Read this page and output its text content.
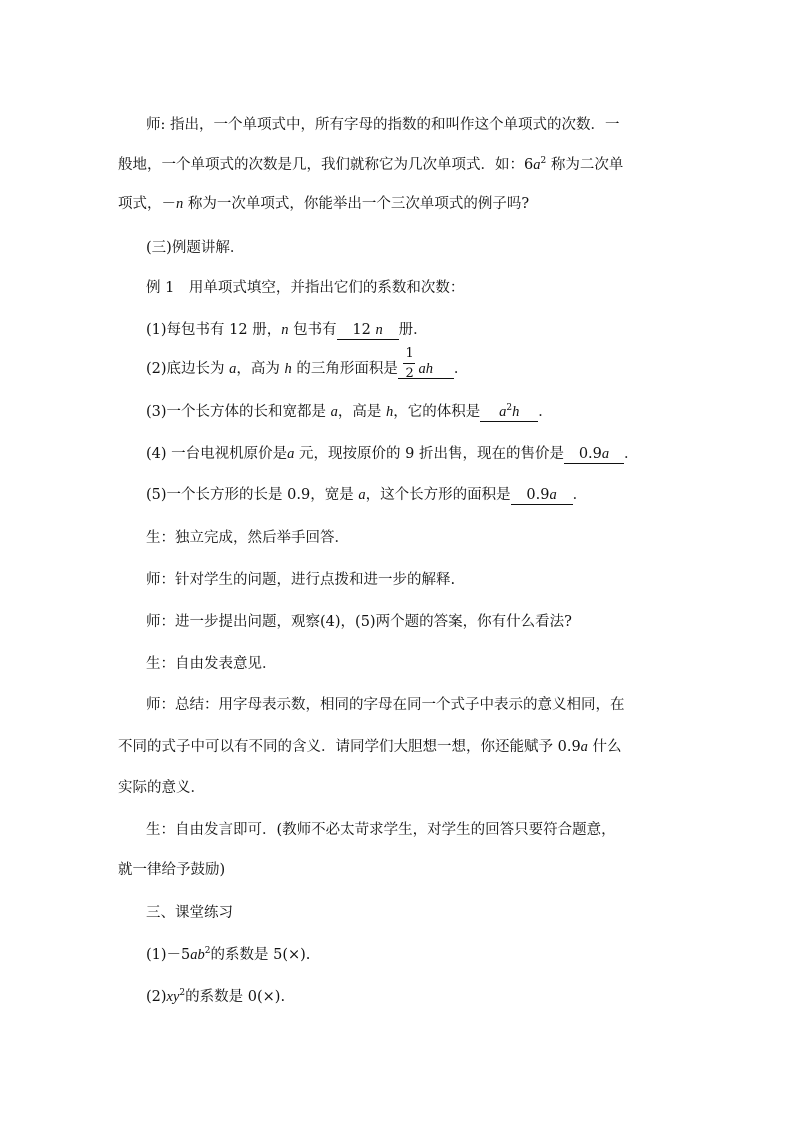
师: 指出，一个单项式中，所有字母的指数的和叫作这个单项式的次数．一
般地，一个单项式的次数是几，我们就称它为几次单项式．如：$6a^2$ 称为二次单
项式，－n 称为一次单项式，你能举出一个三次单项式的例子吗?
(三)例题讲解．
例 1　用单项式填空，并指出它们的系数和次数：
(1)每包书有 12 册，n 包书有 12 n 册．
(2)底边长为 a，高为 h 的三角形面积是 $\frac{1}{2}$ ah ．
(3)一个长方体的长和宽都是 a，高是 h，它的体积是 $a^2h$ ．
(4) 一台电视机原价是a 元，现按原价的 9 折出售，现在的售价是 0.9a ．
(5)一个长方形的长是 0.9，宽是 a，这个长方形的面积是 0.9a ．
生：独立完成，然后举手回答．
师：针对学生的问题，进行点拨和进一步的解释.
师：进一步提出问题，观察(4)，(5)两个题的答案，你有什么看法?
生：自由发表意见．
师：总结：用字母表示数，相同的字母在同一个式子中表示的意义相同，在
不同的式子中可以有不同的含义．请同学们大胆想一想，你还能赋予 0.9a 什么
实际的意义．
生：自由发言即可．(教师不必太苛求学生，对学生的回答只要符合题意，
就一律给予鼓励)
三、课堂练习
$(1)-5ab^2$的系数是 5(×).
$(2)xy^2$的系数是 0(×).
